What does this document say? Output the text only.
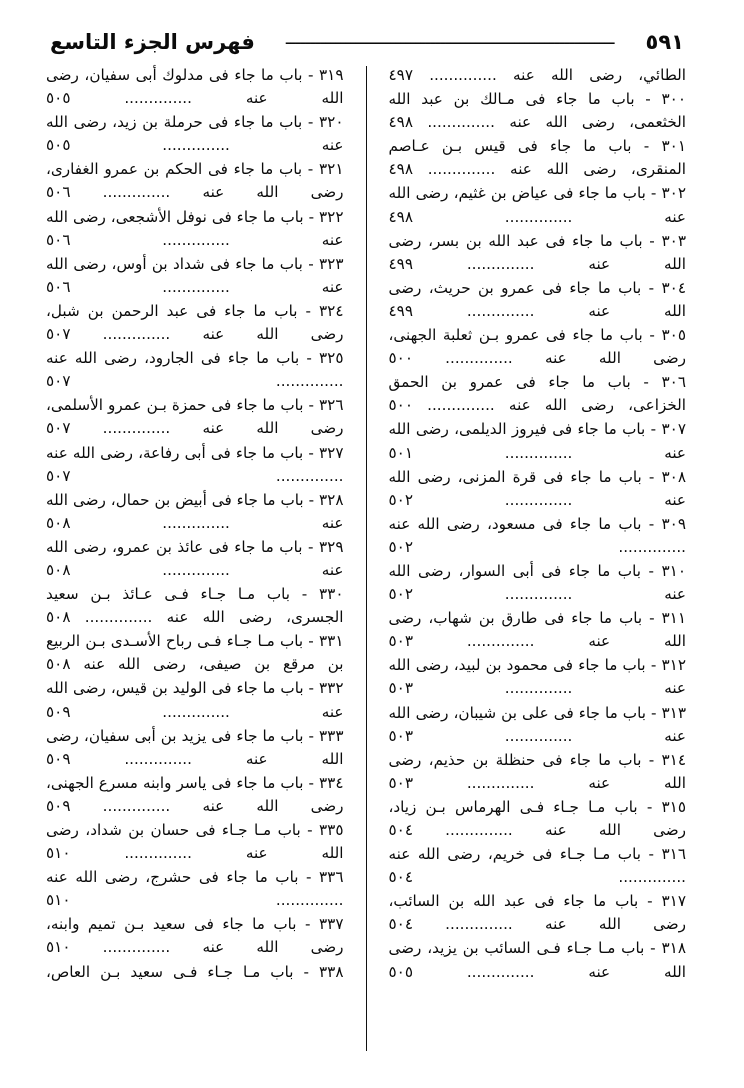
فهرس الجزء التاسع	ــــــــــــــــــــــــــــــــــــــــــــــــــــــــــــــــــ	٥٩١

الطائي، رضى الله عنه .............. ٤٩٧

٣٠٠ - باب ما جاء فى مـالك بن عبد الله الخثعمى، رضى الله عنه .............. ٤٩٨

٣٠١ - باب ما جاء فى قيس بـن عـاصم المنقرى، رضى الله عنه .............. ٤٩٨

٣٠٢ - باب ما جاء فى عياض بن غثيم، رضى الله عنه .............. ٤٩٨

٣٠٣ - باب ما جاء فى عبد الله بن بسر، رضى الله عنه .............. ٤٩٩

٣٠٤ - باب ما جاء فى عمرو بن حريث، رضى الله عنه .............. ٤٩٩

٣٠٥ - باب ما جاء فى عمرو بـن ثعلبة الجهنى، رضى الله عنه .............. ٥٠٠

٣٠٦ - باب ما جاء فى عمرو بن الحمق الخزاعى، رضى الله عنه .............. ٥٠٠

٣٠٧ - باب ما جاء فى فيروز الديلمى، رضى الله عنه .............. ٥٠١

٣٠٨ - باب ما جاء فى قرة المزنى، رضى الله عنه .............. ٥٠٢

٣٠٩ - باب ما جاء فى مسعود، رضى الله عنه .............. ٥٠٢

٣١٠ - باب ما جاء فى أبى السوار، رضى الله عنه .............. ٥٠٢

٣١١ - باب ما جاء فى طارق بن شهاب، رضى الله عنه .............. ٥٠٣

٣١٢ - باب ما جاء فى محمود بن لبيد، رضى الله عنه .............. ٥٠٣

٣١٣ - باب ما جاء فى على بن شيبان، رضى الله عنه .............. ٥٠٣

٣١٤ - باب ما جاء فى حنظلة بن حذيم، رضى الله عنه .............. ٥٠٣

٣١٥ - باب مـا جـاء فـى الهرماس بـن زياد، رضى الله عنه .............. ٥٠٤

٣١٦ - باب مـا جـاء فى خريم، رضى الله عنه .............. ٥٠٤

٣١٧ - باب ما جاء فى عبد الله بن السائب، رضى الله عنه .............. ٥٠٤

٣١٨ - باب مـا جـاء فـى السائب بن يزيد، رضى الله عنه .............. ٥٠٥

٣١٩ - باب ما جاء فى مدلوك أبى سفيان، رضى الله عنه .............. ٥٠٥

٣٢٠ - باب ما جاء فى حرملة بن زيد، رضى الله عنه .............. ٥٠٥

٣٢١ - باب ما جاء فى الحكم بن عمرو الغفارى، رضى الله عنه .............. ٥٠٦

٣٢٢ - باب ما جاء فى نوفل الأشجعى، رضى الله عنه .............. ٥٠٦

٣٢٣ - باب ما جاء فى شداد بن أوس، رضى الله عنه .............. ٥٠٦

٣٢٤ - باب ما جاء فى عبد الرحمن بن شبل، رضى الله عنه .............. ٥٠٧

٣٢٥ - باب ما جاء فى الجارود، رضى الله عنه .............. ٥٠٧

٣٢٦ - باب ما جاء فى حمزة بـن عمرو الأسلمى، رضى الله عنه .............. ٥٠٧

٣٢٧ - باب ما جاء فى أبى رفاعة، رضى الله عنه .............. ٥٠٧

٣٢٨ - باب ما جاء فى أبيض بن حمال، رضى الله عنه .............. ٥٠٨

٣٢٩ - باب ما جاء فى عائذ بن عمرو، رضى الله عنه .............. ٥٠٨

٣٣٠ - باب مـا جـاء فـى عـائذ بـن سعيد الجسرى، رضى الله عنه .............. ٥٠٨

٣٣١ - باب مـا جـاء فـى رباح الأسـدى بـن الربيع بن مرقع بن صيفى، رضى الله عنه ٥٠٨

٣٣٢ - باب ما جاء فى الوليد بن قيس، رضى الله عنه .............. ٥٠٩

٣٣٣ - باب ما جاء فى يزيد بن أبى سفيان، رضى الله عنه .............. ٥٠٩

٣٣٤ - باب ما جاء فى ياسر وابنه مسرع الجهنى، رضى الله عنه .............. ٥٠٩

٣٣٥ - باب مـا جـاء فى حسان بن شداد، رضى الله عنه .............. ٥١٠

٣٣٦ - باب ما جاء فى حشرج، رضى الله عنه .............. ٥١٠

٣٣٧ - باب ما جاء فى سعيد بـن تميم وابنه، رضى الله عنه .............. ٥١٠

٣٣٨ - باب مـا جـاء فـى سعيد بـن العاص،
